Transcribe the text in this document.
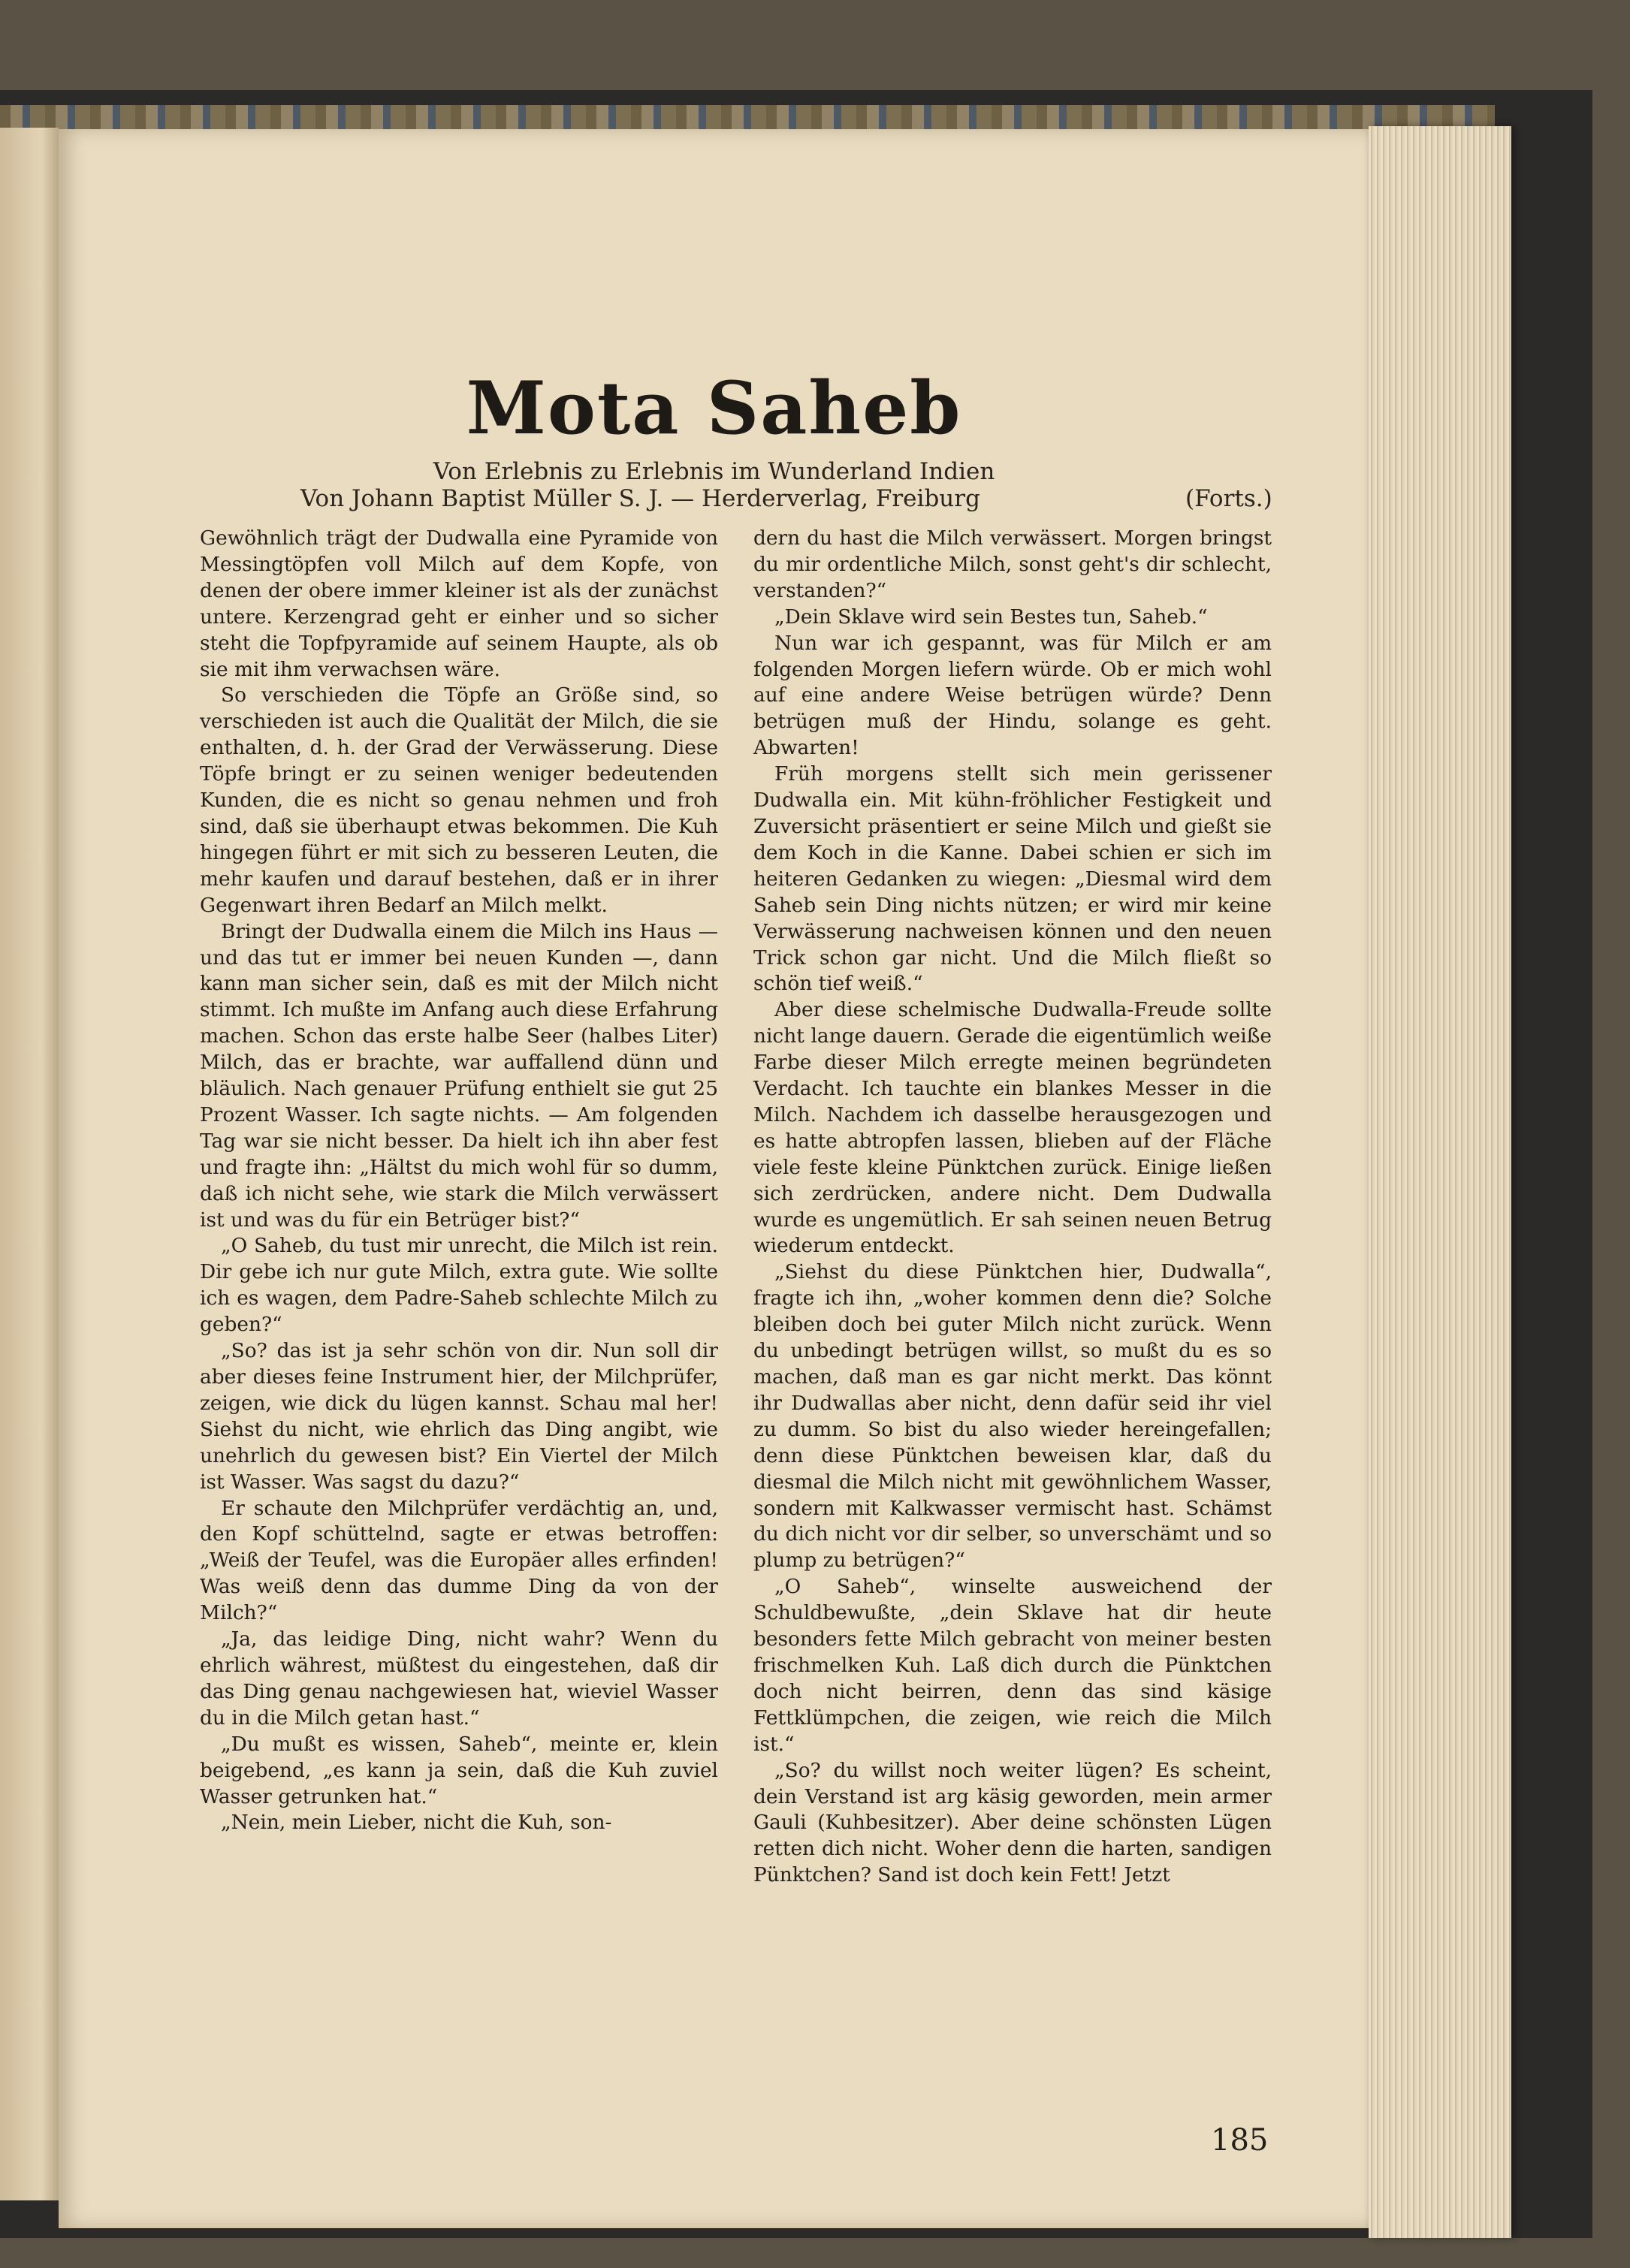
Mota Saheb

Von Erlebnis zu Erlebnis im Wunderland Indien

Von Johann Baptist Müller S. J. — Herderverlag, Freiburg	(Forts.)

Gewöhnlich trägt der Dudwalla eine Pyramide von Messingtöpfen voll Milch auf dem Kopfe, von denen der obere immer kleiner ist als der zunächst untere. Kerzengrad geht er einher und so sicher steht die Topfpyramide auf seinem Haupte, als ob sie mit ihm verwachsen wäre.

So verschieden die Töpfe an Größe sind, so verschieden ist auch die Qualität der Milch, die sie enthalten, d. h. der Grad der Verwässerung. Diese Töpfe bringt er zu seinen weniger bedeutenden Kunden, die es nicht so genau nehmen und froh sind, daß sie überhaupt etwas bekommen. Die Kuh hingegen führt er mit sich zu besseren Leuten, die mehr kaufen und darauf bestehen, daß er in ihrer Gegenwart ihren Bedarf an Milch melkt.

Bringt der Dudwalla einem die Milch ins Haus — und das tut er immer bei neuen Kunden —, dann kann man sicher sein, daß es mit der Milch nicht stimmt. Ich mußte im Anfang auch diese Erfahrung machen. Schon das erste halbe Seer (halbes Liter) Milch, das er brachte, war auffallend dünn und bläulich. Nach genauer Prüfung enthielt sie gut 25 Prozent Wasser. Ich sagte nichts. — Am folgenden Tag war sie nicht besser. Da hielt ich ihn aber fest und fragte ihn: „Hältst du mich wohl für so dumm, daß ich nicht sehe, wie stark die Milch verwässert ist und was du für ein Betrüger bist?“

„O Saheb, du tust mir unrecht, die Milch ist rein. Dir gebe ich nur gute Milch, extra gute. Wie sollte ich es wagen, dem Padre-Saheb schlechte Milch zu geben?“

„So? das ist ja sehr schön von dir. Nun soll dir aber dieses feine Instrument hier, der Milchprüfer, zeigen, wie dick du lügen kannst. Schau mal her! Siehst du nicht, wie ehrlich das Ding angibt, wie unehrlich du gewesen bist? Ein Viertel der Milch ist Wasser. Was sagst du dazu?“

Er schaute den Milchprüfer verdächtig an, und, den Kopf schüttelnd, sagte er etwas betroffen: „Weiß der Teufel, was die Europäer alles erfinden! Was weiß denn das dumme Ding da von der Milch?“

„Ja, das leidige Ding, nicht wahr? Wenn du ehrlich währest, müßtest du eingestehen, daß dir das Ding genau nachgewiesen hat, wieviel Wasser du in die Milch getan hast.“

„Du mußt es wissen, Saheb“, meinte er, klein beigebend, „es kann ja sein, daß die Kuh zuviel Wasser getrunken hat.“

„Nein, mein Lieber, nicht die Kuh, son-

dern du hast die Milch verwässert. Morgen bringst du mir ordentliche Milch, sonst geht's dir schlecht, verstanden?“

„Dein Sklave wird sein Bestes tun, Saheb.“

Nun war ich gespannt, was für Milch er am folgenden Morgen liefern würde. Ob er mich wohl auf eine andere Weise betrügen würde? Denn betrügen muß der Hindu, solange es geht. Abwarten!

Früh morgens stellt sich mein gerissener Dudwalla ein. Mit kühn-fröhlicher Festigkeit und Zuversicht präsentiert er seine Milch und gießt sie dem Koch in die Kanne. Dabei schien er sich im heiteren Gedanken zu wiegen: „Diesmal wird dem Saheb sein Ding nichts nützen; er wird mir keine Verwässerung nachweisen können und den neuen Trick schon gar nicht. Und die Milch fließt so schön tief weiß.“

Aber diese schelmische Dudwalla-Freude sollte nicht lange dauern. Gerade die eigentümlich weiße Farbe dieser Milch erregte meinen begründeten Verdacht. Ich tauchte ein blankes Messer in die Milch. Nachdem ich dasselbe herausgezogen und es hatte abtropfen lassen, blieben auf der Fläche viele feste kleine Pünktchen zurück. Einige ließen sich zerdrücken, andere nicht. Dem Dudwalla wurde es ungemütlich. Er sah seinen neuen Betrug wiederum entdeckt.

„Siehst du diese Pünktchen hier, Dudwalla“, fragte ich ihn, „woher kommen denn die? Solche bleiben doch bei guter Milch nicht zurück. Wenn du unbedingt betrügen willst, so mußt du es so machen, daß man es gar nicht merkt. Das könnt ihr Dudwallas aber nicht, denn dafür seid ihr viel zu dumm. So bist du also wieder hereingefallen; denn diese Pünktchen beweisen klar, daß du diesmal die Milch nicht mit gewöhnlichem Wasser, sondern mit Kalkwasser vermischt hast. Schämst du dich nicht vor dir selber, so unverschämt und so plump zu betrügen?“

„O Saheb“, winselte ausweichend der Schuldbewußte, „dein Sklave hat dir heute besonders fette Milch gebracht von meiner besten frischmelken Kuh. Laß dich durch die Pünktchen doch nicht beirren, denn das sind käsige Fettklümpchen, die zeigen, wie reich die Milch ist.“

„So? du willst noch weiter lügen? Es scheint, dein Verstand ist arg käsig geworden, mein armer Gauli (Kuhbesitzer). Aber deine schönsten Lügen retten dich nicht. Woher denn die harten, sandigen Pünktchen? Sand ist doch kein Fett! Jetzt

185
